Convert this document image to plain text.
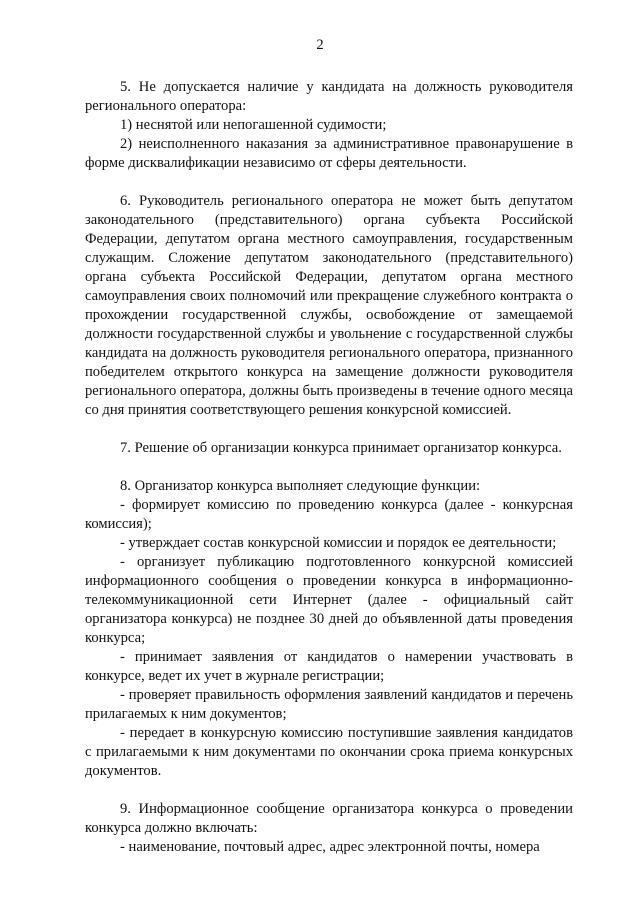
2

5. Не допускается наличие у кандидата на должность руководителя регионального оператора:

1) неснятой или непогашенной судимости;

2) неисполненного наказания за административное правонарушение в форме дисквалификации независимо от сферы деятельности.

6. Руководитель регионального оператора не может быть депутатом законодательного (представительного) органа субъекта Российской Федерации, депутатом органа местного самоуправления, государственным служащим. Сложение депутатом законодательного (представительного) органа субъекта Российской Федерации, депутатом органа местного самоуправления своих полномочий или прекращение служебного контракта о прохождении государственной службы, освобождение от замещаемой должности государственной службы и увольнение с государственной службы кандидата на должность руководителя регионального оператора, признанного победителем открытого конкурса на замещение должности руководителя регионального оператора, должны быть произведены в течение одного месяца со дня принятия соответствующего решения конкурсной комиссией.

7. Решение об организации конкурса принимает организатор конкурса.

8. Организатор конкурса выполняет следующие функции:

- формирует комиссию по проведению конкурса (далее - конкурсная комиссия);

- утверждает состав конкурсной комиссии и порядок ее деятельности;

- организует публикацию подготовленного конкурсной комиссией информационного сообщения о проведении конкурса в информационно-телекоммуникационной сети Интернет (далее - официальный сайт организатора конкурса) не позднее 30 дней до объявленной даты проведения конкурса;

- принимает заявления от кандидатов о намерении участвовать в конкурсе, ведет их учет в журнале регистрации;

- проверяет правильность оформления заявлений кандидатов и перечень прилагаемых к ним документов;

- передает в конкурсную комиссию поступившие заявления кандидатов с прилагаемыми к ним документами по окончании срока приема конкурсных документов.

9. Информационное сообщение организатора конкурса о проведении конкурса должно включать:

- наименование, почтовый адрес, адрес электронной почты, номера
